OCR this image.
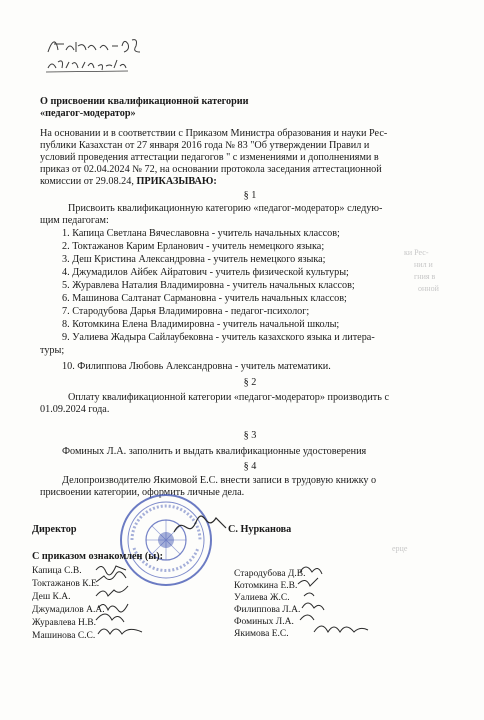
О присвоении квалификационной категории
«педагог-модератор»
На основании и в соответствии с Приказом Министра образования и науки Рес-
публики Казахстан от 27 января 2016 года № 83 "Об утверждении Правил и
условий проведения аттестации педагогов " с изменениями и дополнениями в
приказ от 02.04.2024 № 72, на основании протокола заседания аттестационной
комиссии от 29.08.24, ПРИКАЗЫВАЮ:
§ 1
Присвоить квалификационную категорию «педагог-модератор» следую-
щим педагогам:
1. Капица Светлана Вячеславовна - учитель начальных классов;
2. Токтажанов Карим Ерланович - учитель немецкого языка;
3. Деш Кристина Александровна - учитель немецкого языка;
4. Джумадилов Айбек Айратович - учитель физической культуры;
5. Журавлева Наталия Владимировна - учитель начальных классов;
6. Машинова Салтанат Сармановна - учитель начальных классов;
7. Стародубова Дарья Владимировна - педагог-психолог;
8. Котомкина Елена Владимировна - учитель начальной школы;
9. Уалиева Жадыра Сайлаубековна - учитель казахского языка и литера-
туры;
10. Филиппова Любовь Александровна - учитель математики.
§ 2
Оплату квалификационной категории «педагог-модератор» производить с
01.09.2024 года.
§ 3
Фоминых Л.А. заполнить и выдать квалификационные удостоверения
§ 4
Делопроизводителю Якимовой Е.С. внести записи в трудовую книжку о
присвоении категории, оформить личные дела.
Директор	С. Нурканова
С приказом ознакомлен (ы):
Капица С.В.
Токтажанов К.Е.
Деш К.А.
Джумадилов А.А.
Журавлева Н.В.
Машинова С.С.
Стародубова Д.В.
Котомкина Е.В.
Уалиева Ж.С.
Филиппова Л.А.
Фоминых Л.А.
Якимова Е.С.
ки Рес-
нил и
гния в
онной
ерце
